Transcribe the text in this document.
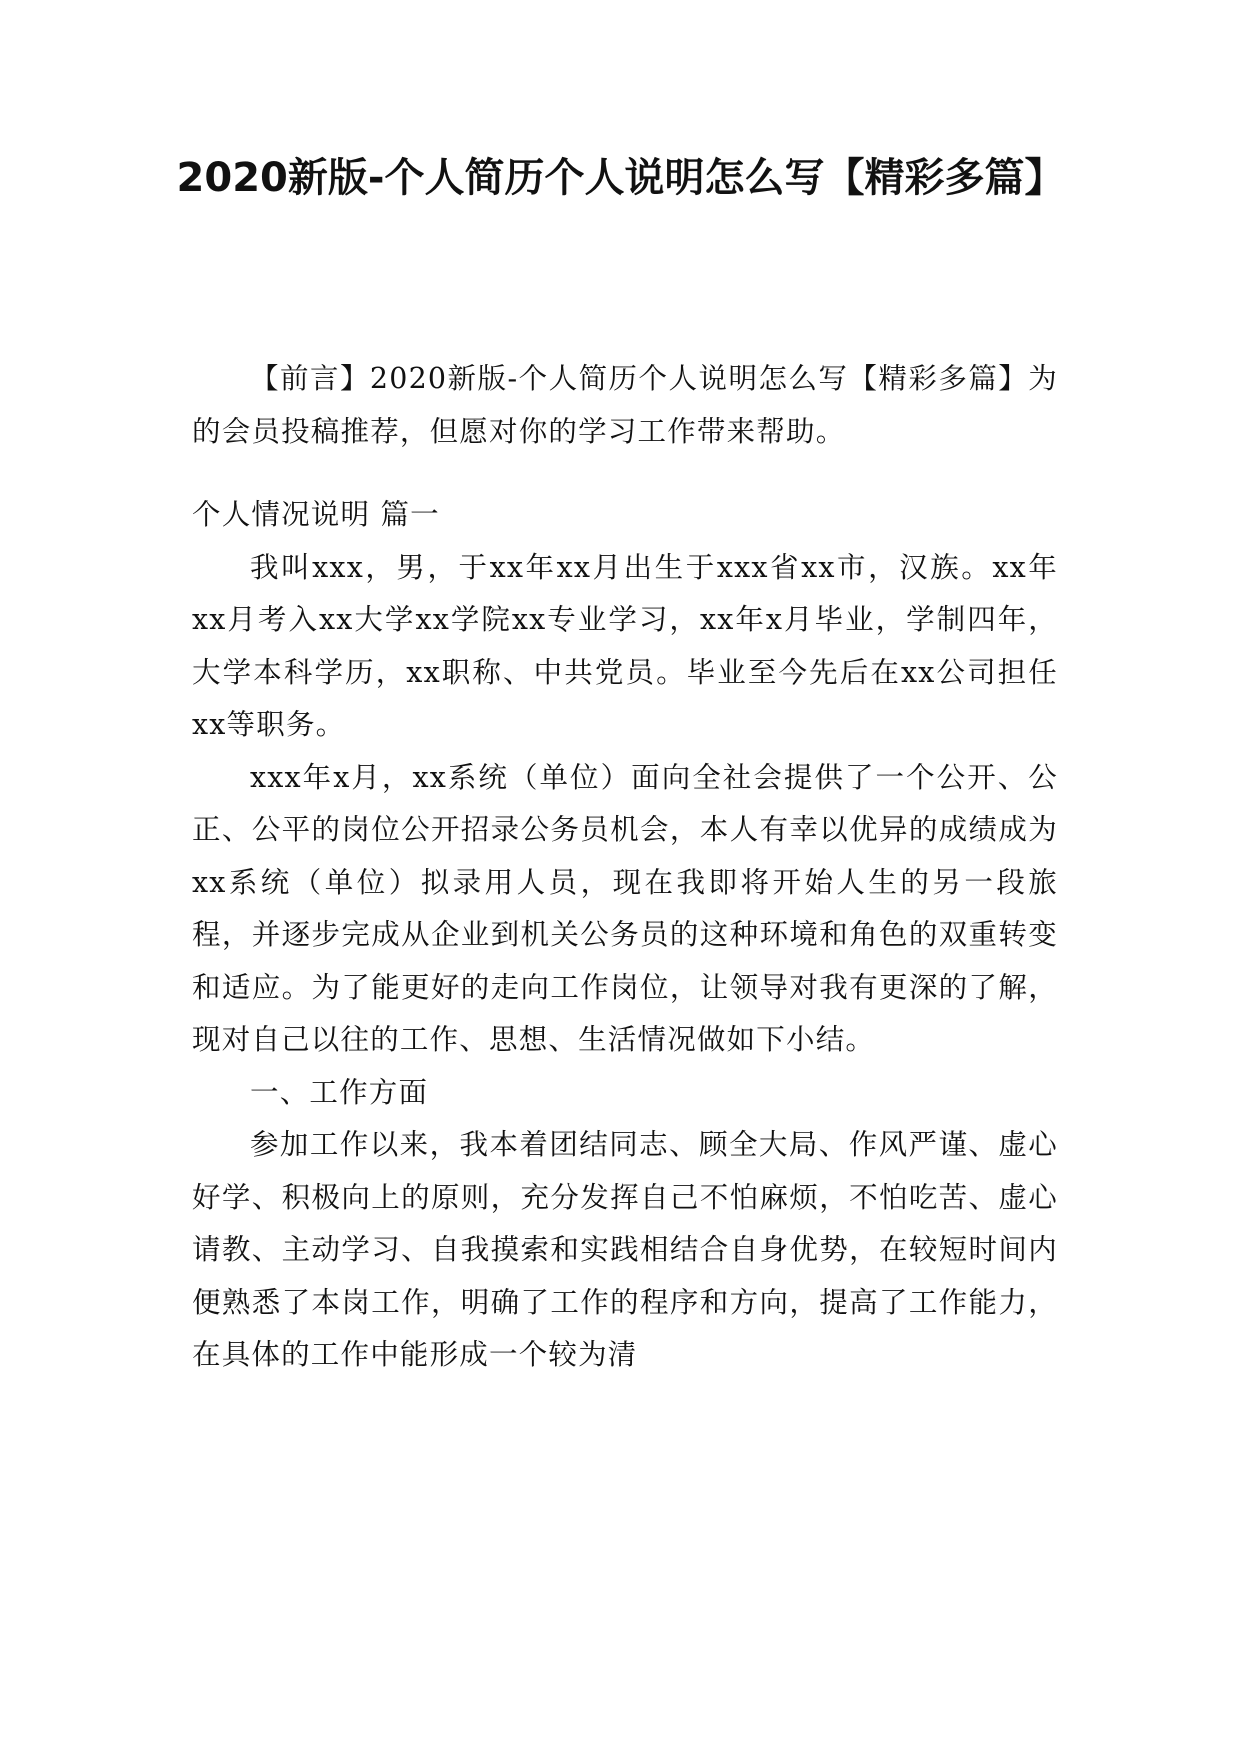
2020新版-个人简历个人说明怎么写【精彩多篇】

【前言】2020新版-个人简历个人说明怎么写【精彩多篇】为的会员投稿推荐，但愿对你的学习工作带来帮助。

个人情况说明 篇一

我叫xxx，男，于xx年xx月出生于xxx省xx市，汉族。xx年xx月考入xx大学xx学院xx专业学习，xx年x月毕业，学制四年，大学本科学历，xx职称、中共党员。毕业至今先后在xx公司担任xx等职务。

xxx年x月，xx系统（单位）面向全社会提供了一个公开、公正、公平的岗位公开招录公务员机会，本人有幸以优异的成绩成为xx系统（单位）拟录用人员，现在我即将开始人生的另一段旅程，并逐步完成从企业到机关公务员的这种环境和角色的双重转变和适应。为了能更好的走向工作岗位，让领导对我有更深的了解，现对自己以往的工作、思想、生活情况做如下小结。

一、工作方面

参加工作以来，我本着团结同志、顾全大局、作风严谨、虚心好学、积极向上的原则，充分发挥自己不怕麻烦，不怕吃苦、虚心请教、主动学习、自我摸索和实践相结合自身优势，在较短时间内便熟悉了本岗工作，明确了工作的程序和方向，提高了工作能力，在具体的工作中能形成一个较为清
